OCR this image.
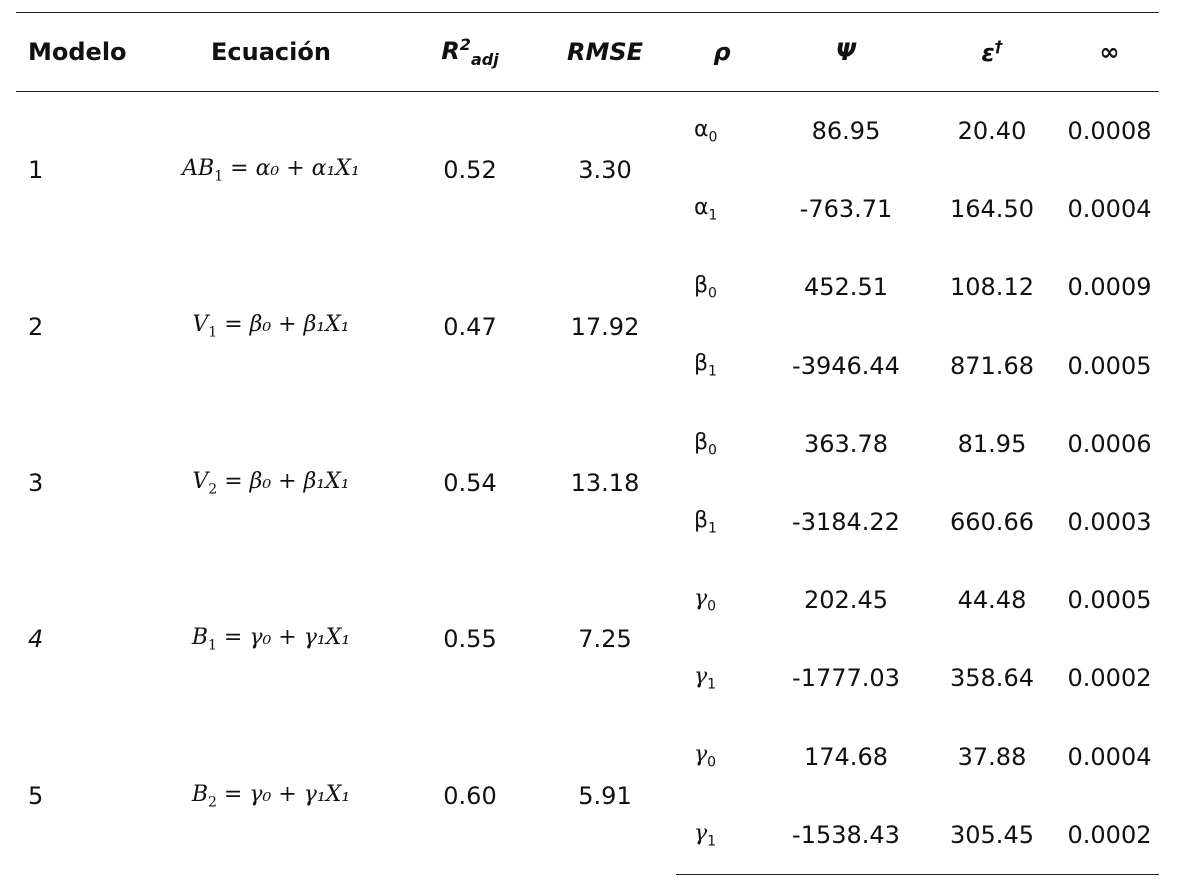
Modelo	Ecuación	$R^2_{adj}$	RMSE	ρ	Ψ	ε†	∞
1	$AB_1 = \alpha_0 + \alpha_1X_1$	0.52	3.30	$\alpha_0$	86.95	20.40	0.0008
				$\alpha_1$	-763.71	164.50	0.0004
2	$V_1 = \beta_0 + \beta_1X_1$	0.47	17.92	$\beta_0$	452.51	108.12	0.0009
				$\beta_1$	-3946.44	871.68	0.0005
3	$V_2 = \beta_0 + \beta_1X_1$	0.54	13.18	$\beta_0$	363.78	81.95	0.0006
				$\beta_1$	-3184.22	660.66	0.0003
4	$B_1 = \gamma_0 + \gamma_1X_1$	0.55	7.25	$\gamma_0$	202.45	44.48	0.0005
				$\gamma_1$	-1777.03	358.64	0.0002
5	$B_2 = \gamma_0 + \gamma_1X_1$	0.60	5.91	$\gamma_0$	174.68	37.88	0.0004
				$\gamma_1$	-1538.43	305.45	0.0002
